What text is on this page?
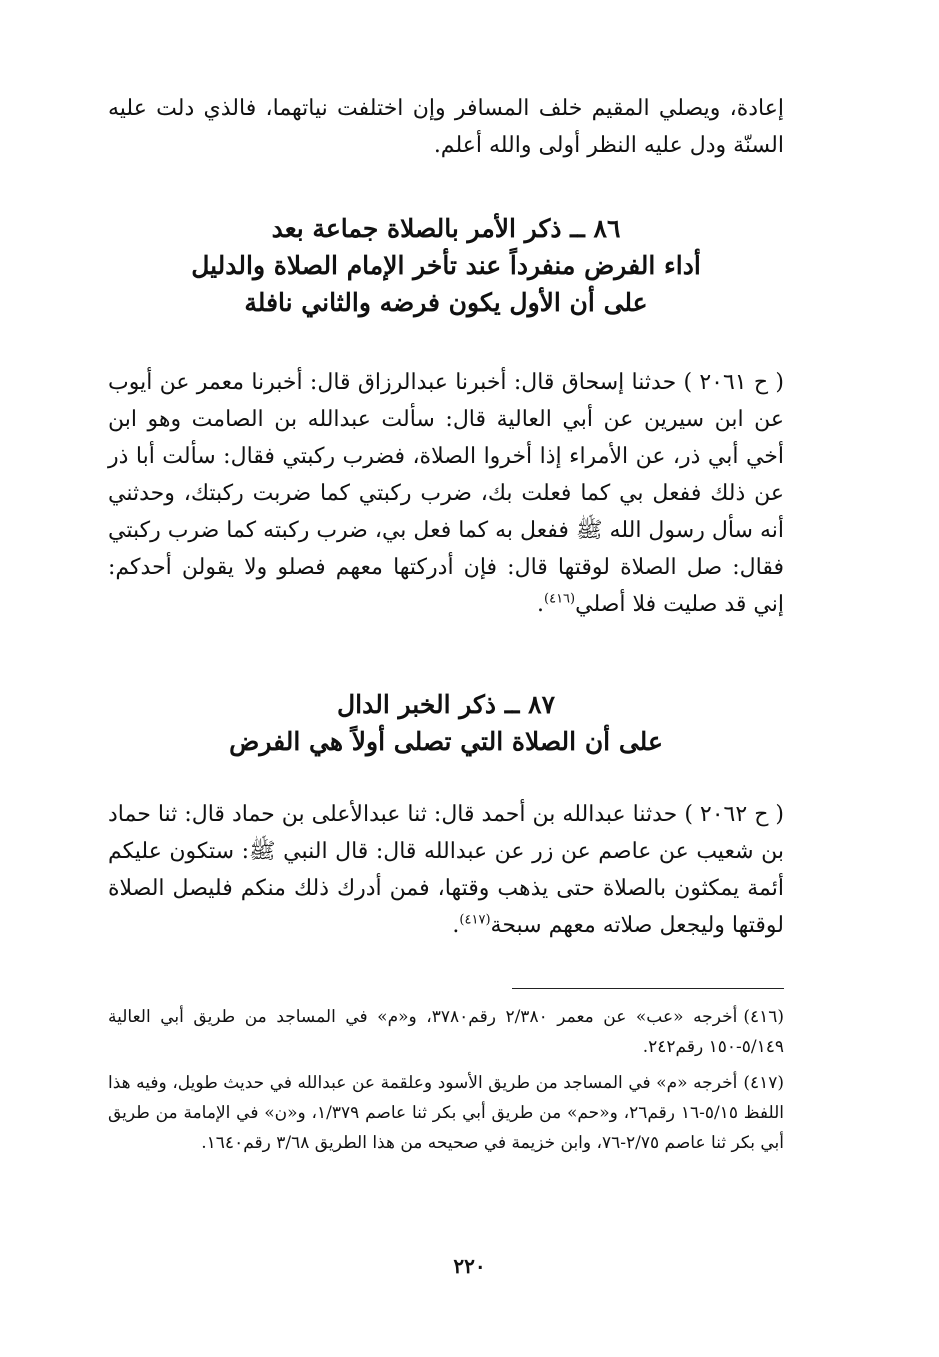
إعادة، ويصلي المقيم خلف المسافر وإن اختلفت نياتهما، فالذي دلت عليه السنّة ودل عليه النظر أولى والله أعلم.

٨٦ ــ ذكر الأمر بالصلاة جماعة بعد
أداء الفرض منفرداً عند تأخر الإمام الصلاة والدليل
على أن الأول يكون فرضه والثاني نافلة

( ح ٢٠٦١ ) حدثنا إسحاق قال: أخبرنا عبدالرزاق قال: أخبرنا معمر عن أيوب عن ابن سيرين عن أبي العالية قال: سألت عبدالله بن الصامت وهو ابن أخي أبي ذر، عن الأمراء إذا أخروا الصلاة، فضرب ركبتي فقال: سألت أبا ذر عن ذلك ففعل بي كما فعلت بك، ضرب ركبتي كما ضربت ركبتك، وحدثني أنه سأل رسول الله ﷺ ففعل به كما فعل بي، ضرب ركبته كما ضرب ركبتي فقال: صل الصلاة لوقتها قال: فإن أدركتها معهم فصلو ولا يقولن أحدكم: إني قد صليت فلا أصلي$^{(٤١٦)}$.

٨٧ ــ ذكر الخبر الدال
على أن الصلاة التي تصلى أولاً هي الفرض

( ح ٢٠٦٢ ) حدثنا عبدالله بن أحمد قال: ثنا عبدالأعلى بن حماد قال: ثنا حماد بن شعيب عن عاصم عن زر عن عبدالله قال: قال النبي ﷺ: ستكون عليكم أئمة يمكثون بالصلاة حتى يذهب وقتها، فمن أدرك ذلك منكم فليصل الصلاة لوقتها وليجعل صلاته معهم سبحة$^{(٤١٧)}$.

(٤١٦)أخرجه «عب» عن معمر ٢/٣٨٠ رقم٣٧٨٠، و«م» في المساجد من طريق أبي العالية ٥/١٤٩-١٥٠ رقم٢٤٢.

(٤١٧)أخرجه «م» في المساجد من طريق الأسود وعلقمة عن عبدالله في حديث طويل، وفيه هذا اللفظ ٥/١٥-١٦ رقم٢٦، و«حم» من طريق أبي بكر ثنا عاصم ١/٣٧٩، و«ن» في الإمامة من طريق أبي بكر ثنا عاصم ٢/٧٥-٧٦، وابن خزيمة في صحيحه من هذا الطريق ٣/٦٨ رقم١٦٤٠.

٢٢٠
